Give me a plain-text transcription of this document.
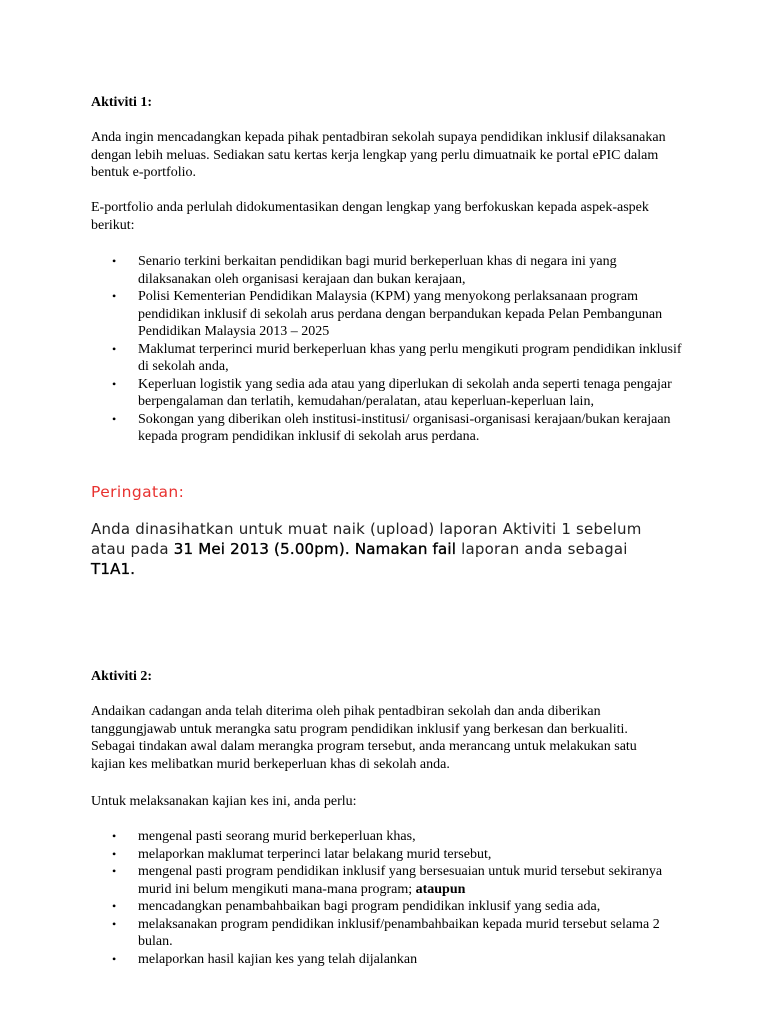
Aktiviti 1:

Anda ingin mencadangkan kepada pihak pentadbiran sekolah supaya pendidikan inklusif dilaksanakan dengan lebih meluas. Sediakan satu kertas kerja lengkap yang perlu dimuatnaik ke portal ePIC dalam bentuk e-portfolio.

E-portfolio anda perlulah didokumentasikan dengan lengkap yang berfokuskan kepada aspek-aspek berikut:

• Senario terkini berkaitan pendidikan bagi murid berkeperluan khas di negara ini yang dilaksanakan oleh organisasi kerajaan dan bukan kerajaan,
• Polisi Kementerian Pendidikan Malaysia (KPM) yang menyokong perlaksanaan program pendidikan inklusif di sekolah arus perdana dengan berpandukan kepada Pelan Pembangunan Pendidikan Malaysia 2013 – 2025
• Maklumat terperinci murid berkeperluan khas yang perlu mengikuti program pendidikan inklusif di sekolah anda,
• Keperluan logistik yang sedia ada atau yang diperlukan di sekolah anda seperti tenaga pengajar berpengalaman dan terlatih, kemudahan/peralatan, atau keperluan-keperluan lain,
• Sokongan yang diberikan oleh institusi-institusi/ organisasi-organisasi kerajaan/bukan kerajaan kepada program pendidikan inklusif di sekolah arus perdana.
Peringatan:

Anda dinasihatkan untuk muat naik (upload) laporan Aktiviti 1 sebelum atau pada 31 Mei 2013 (5.00pm). Namakan fail laporan anda sebagai T1A1.

Aktiviti 2:

Andaikan cadangan anda telah diterima oleh pihak pentadbiran sekolah dan anda diberikan tanggungjawab untuk merangka satu program pendidikan inklusif yang berkesan dan berkualiti. Sebagai tindakan awal dalam merangka program tersebut, anda merancang untuk melakukan satu kajian kes melibatkan murid berkeperluan khas di sekolah anda.

Untuk melaksanakan kajian kes ini, anda perlu:

• mengenal pasti seorang murid berkeperluan khas,
• melaporkan maklumat terperinci latar belakang murid tersebut,
• mengenal pasti program pendidikan inklusif yang bersesuaian untuk murid tersebut sekiranya murid ini belum mengikuti mana-mana program; ataupun
• mencadangkan penambahbaikan bagi program pendidikan inklusif yang sedia ada,
• melaksanakan program pendidikan inklusif/penambahbaikan kepada murid tersebut selama 2 bulan.
• melaporkan hasil kajian kes yang telah dijalankan
